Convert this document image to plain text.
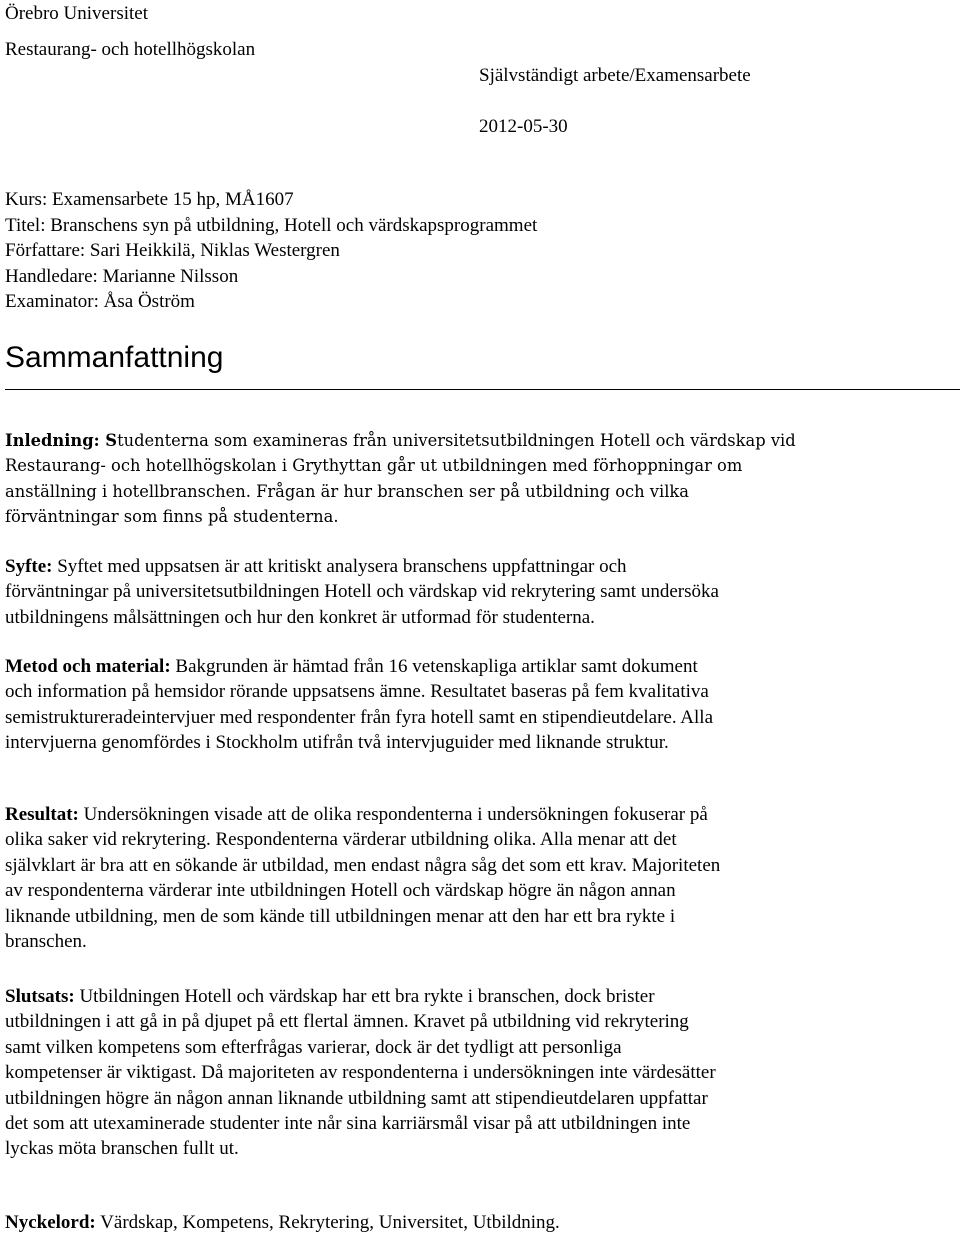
Örebro Universitet
Restaurang- och hotellhögskolan
Självständigt arbete/Examensarbete
2012-05-30
Kurs: Examensarbete 15 hp, MÅ1607
Titel: Branschens syn på utbildning, Hotell och värdskapsprogrammet
Författare: Sari Heikkilä, Niklas Westergren
Handledare: Marianne Nilsson
Examinator: Åsa Öström
Sammanfattning
Inledning: Studenterna som examineras från universitetsutbildningen Hotell och värdskap vid
Restaurang- och hotellhögskolan i Grythyttan går ut utbildningen med förhoppningar om
anställning i hotellbranschen. Frågan är hur branschen ser på utbildning och vilka
förväntningar som finns på studenterna.
Syfte: Syftet med uppsatsen är att kritiskt analysera branschens uppfattningar och
förväntningar på universitetsutbildningen Hotell och värdskap vid rekrytering samt undersöka
utbildningens målsättningen och hur den konkret är utformad för studenterna.
Metod och material: Bakgrunden är hämtad från 16 vetenskapliga artiklar samt dokument
och information på hemsidor rörande uppsatsens ämne. Resultatet baseras på fem kvalitativa
semistruktureradeintervjuer med respondenter från fyra hotell samt en stipendieutdelare. Alla
intervjuerna genomfördes i Stockholm utifrån två intervjuguider med liknande struktur.
Resultat: Undersökningen visade att de olika respondenterna i undersökningen fokuserar på
olika saker vid rekrytering. Respondenterna värderar utbildning olika. Alla menar att det
självklart är bra att en sökande är utbildad, men endast några såg det som ett krav. Majoriteten
av respondenterna värderar inte utbildningen Hotell och värdskap högre än någon annan
liknande utbildning, men de som kände till utbildningen menar att den har ett bra rykte i
branschen.
Slutsats: Utbildningen Hotell och värdskap har ett bra rykte i branschen, dock brister
utbildningen i att gå in på djupet på ett flertal ämnen. Kravet på utbildning vid rekrytering
samt vilken kompetens som efterfrågas varierar, dock är det tydligt att personliga
kompetenser är viktigast. Då majoriteten av respondenterna i undersökningen inte värdesätter
utbildningen högre än någon annan liknande utbildning samt att stipendieutdelaren uppfattar
det som att utexaminerade studenter inte når sina karriärsmål visar på att utbildningen inte
lyckas möta branschen fullt ut.
Nyckelord: Värdskap, Kompetens, Rekrytering, Universitet, Utbildning.
